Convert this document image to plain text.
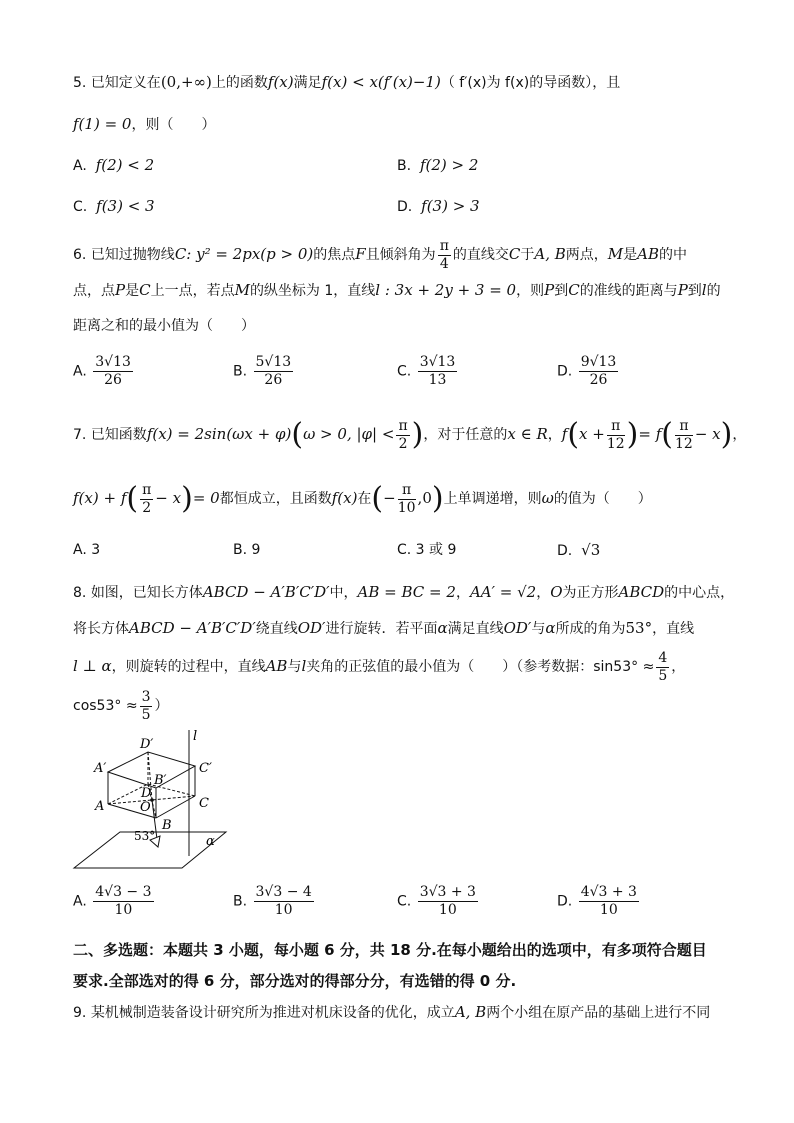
5. 已知定义在(0,+∞)上的函数f(x)满足f(x) < x(f′(x)−1)（ f′(x)为 f(x)的导函数），且
f(1) = 0，则（　　）
A. f(2) < 2	B. f(2) > 2
C. f(3) < 3	D. f(3) > 3
6. 已知过抛物线C: y² = 2px(p > 0)的焦点F且倾斜角为 $\frac{\pi}{4}$ 的直线交C于A, B两点，M是AB的中
点，点P是C上一点，若点M的纵坐标为 1，直线l : 3x + 2y + 3 = 0，则P到C的准线的距离与P到l的
距离之和的最小值为（　　）
A. $\frac{3√13}{26}$	B. $\frac{5√13}{26}$	C. $\frac{3√13}{13}$	D. $\frac{9√13}{26}$
7. 已知函数f(x) = 2sin(ωx + φ)(ω > 0, $|\varphi| < \frac{\pi}{2}$ )，对于任意的x ∈ R，$f(x + \frac{\pi}{12}$ )= $f( \frac{\pi}{12} - x)$，
$f(x) + f( \frac{\pi}{2} - x)= 0$都恒成立，且函数f(x)在(− $\frac{\pi}{10} ,0$)上单调递增，则ω的值为（　　）
A. 3	B. 9	C. 3 或 9	D. √3
8. 如图，已知长方体ABCD − A′B′C′D′中，AB = BC = 2，AA′ = √2，O为正方形ABCD的中心点，
将长方体ABCD − A′B′C′D′绕直线OD′进行旋转．若平面α满足直线OD′与α所成的角为53°，直线
l ⊥ α，则旋转的过程中，直线AB与l夹角的正弦值的最小值为（　　）（参考数据：$\sin 53^\circ \approx \frac{4}{5}$ ，
$\cos 53^\circ \approx \frac{3}{5}$ ）
D′
A′
B′
C′
D
A	O	C
B
l
53°	α
A. $\frac{4√3 - 3}{10}$	B. $\frac{3√3 - 4}{10}$	C. $\frac{3√3 + 3}{10}$	D. $\frac{4√3 + 3}{10}$
二、多选题：本题共 3 小题，每小题 6 分，共 18 分.在每小题给出的选项中，有多项符合题目
要求.全部选对的得 6 分，部分选对的得部分分，有选错的得 0 分.
9. 某机械制造装备设计研究所为推进对机床设备的优化，成立A, B两个小组在原产品的基础上进行不同
